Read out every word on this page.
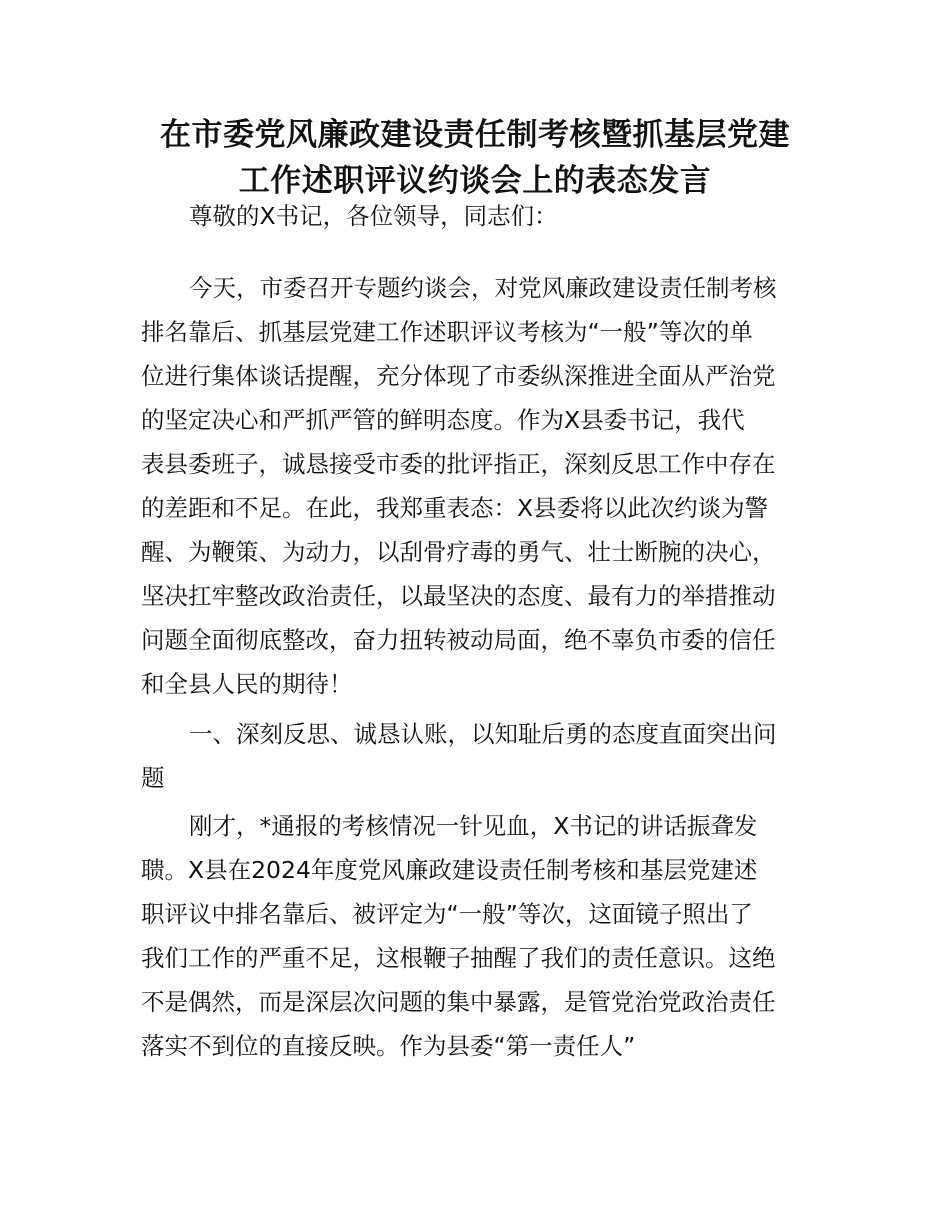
在市委党风廉政建设责任制考核暨抓基层党建
工作述职评议约谈会上的表态发言

尊敬的X书记，各位领导，同志们：

今天，市委召开专题约谈会，对党风廉政建设责任制考核
排名靠后、抓基层党建工作述职评议考核为“一般”等次的单
位进行集体谈话提醒，充分体现了市委纵深推进全面从严治党
的坚定决心和严抓严管的鲜明态度。作为X县委书记，我代
表县委班子，诚恳接受市委的批评指正，深刻反思工作中存在
的差距和不足。在此，我郑重表态：X县委将以此次约谈为警
醒、为鞭策、为动力，以刮骨疗毒的勇气、壮士断腕的决心，
坚决扛牢整改政治责任，以最坚决的态度、最有力的举措推动
问题全面彻底整改，奋力扭转被动局面，绝不辜负市委的信任
和全县人民的期待！

一、深刻反思、诚恳认账，以知耻后勇的态度直面突出问
题

刚才，*通报的考核情况一针见血，X书记的讲话振聋发
聩。X县在2024年度党风廉政建设责任制考核和基层党建述
职评议中排名靠后、被评定为“一般”等次，这面镜子照出了
我们工作的严重不足，这根鞭子抽醒了我们的责任意识。这绝
不是偶然，而是深层次问题的集中暴露，是管党治党政治责任
落实不到位的直接反映。作为县委“第一责任人”
